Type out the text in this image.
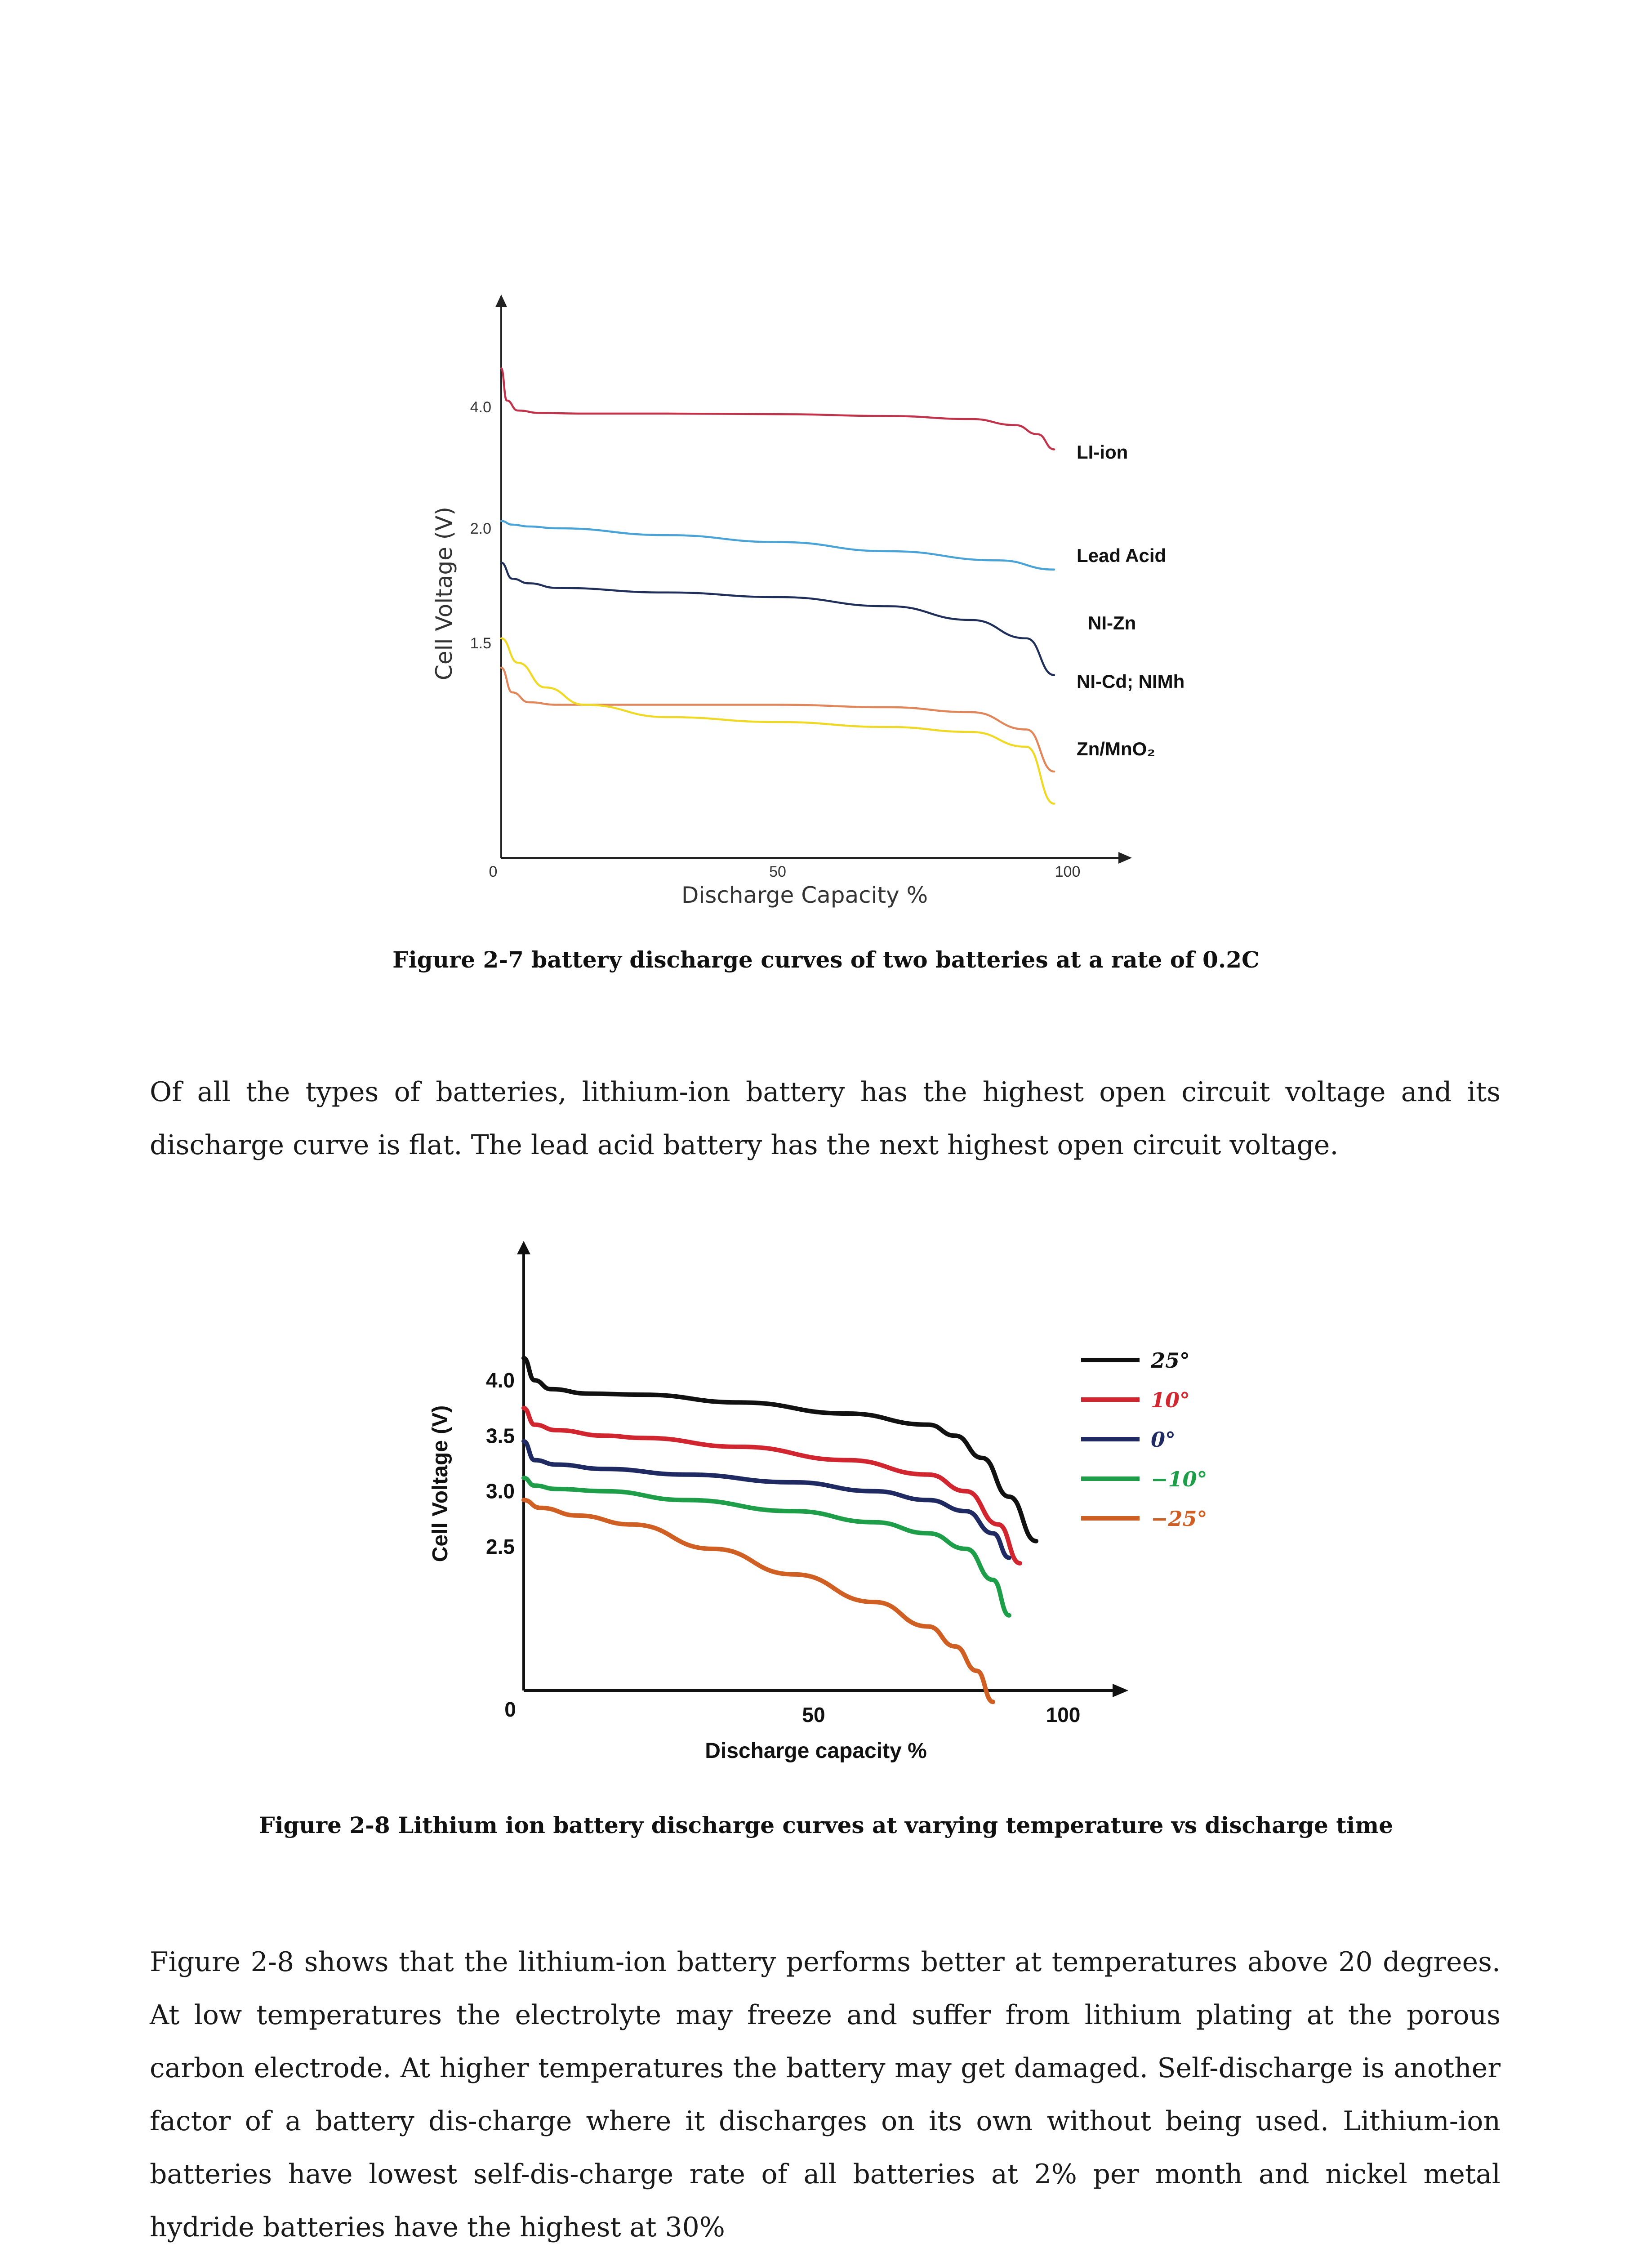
1.5
2.0
4.0
0	50	100
Discharge Capacity %
Cell Voltage (V)
LI-ion
Lead Acid
NI-Zn
NI-Cd; NIMh
Zn/MnO₂
Figure 2-7 battery discharge curves of two batteries at a rate of 0.2C
Of all the types of batteries, lithium-ion battery has the highest open circuit voltage and its discharge curve is flat. The lead acid battery has the next highest open circuit voltage.
2.5
3.0
3.5
4.0
0	50	100
Discharge capacity %
Cell Voltage (V)
25°
10°
0°
−10°
−25°
Figure 2-8 Lithium ion battery discharge curves at varying temperature vs discharge time
Figure 2-8 shows that the lithium-ion battery performs better at temperatures above 20 degrees. At low temperatures the electrolyte may freeze and suffer from lithium plating at the porous carbon electrode. At higher temperatures the battery may get damaged. Self-discharge is another factor of a battery dis-charge where it discharges on its own without being used. Lithium-ion batteries have lowest self-dis-charge rate of all batteries at 2% per month and nickel metal hydride batteries have the highest at 30%
